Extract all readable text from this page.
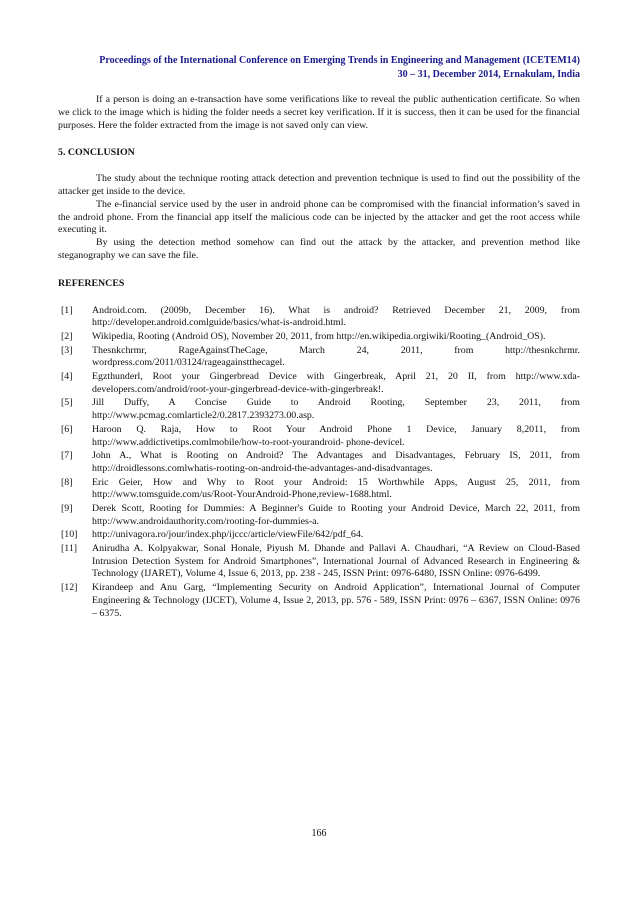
Proceedings of the International Conference on Emerging Trends in Engineering and Management (ICETEM14)
30 – 31, December 2014, Ernakulam, India

If a person is doing an e-transaction have some verifications like to reveal the public authentication certificate. So when we click to the image which is hiding the folder needs a secret key verification. If it is success, then it can be used for the financial purposes. Here the folder extracted from the image is not saved only can view.

5. CONCLUSION

The study about the technique rooting attack detection and prevention technique is used to find out the possibility of the attacker get inside to the device.

The e-financial service used by the user in android phone can be compromised with the financial information’s saved in the android phone. From the financial app itself the malicious code can be injected by the attacker and get the root access while executing it.

By using the detection method somehow can find out the attack by the attacker, and prevention method like steganography we can save the file.

REFERENCES
[1]	Android.com. (2009b, December 16). What is android? Retrieved December 21, 2009, from http://developer.android.comlguide/basics/what-is-android.html.
[2]	Wikipedia, Rooting (Android OS), November 20, 2011, from http://en.wikipedia.orgiwiki/Rooting_(Android_OS).
[3]	Thesnkchrmr, RageAgainstTheCage, March 24, 2011, from http://thesnkchrmr. wordpress.com/2011/03124/rageagainstthecagel.
[4]	Egzthunderl, Root your Gingerbread Device with Gingerbreak, April 21, 20 II, from http://www.xda-developers.com/android/root-your-gingerbread-device-with-gingerbreak!.
[5]	Jill Duffy, A Concise Guide to Android Rooting, September 23, 2011, from http://www.pcmag.comlarticle2/0.2817.2393273.00.asp.
[6]	Haroon Q. Raja, How to Root Your Android Phone 1 Device, January 8,2011, from http://www.addictivetips.comlmobile/how-to-root-yourandroid- phone-devicel.
[7]	John A., What is Rooting on Android? The Advantages and Disadvantages, February IS, 2011, from http://droidlessons.comlwhatis-rooting-on-android-the-advantages-and-disadvantages.
[8]	Eric Geier, How and Why to Root your Android: 15 Worthwhile Apps, August 25, 2011, from http://www.tomsguide.com/us/Root-YourAndroid-Phone,review-1688.html.
[9]	Derek Scott, Rooting for Dummies: A Beginner's Guide to Rooting your Android Device, March 22, 2011, from http://www.androidauthority.com/rooting-for-dummies-a.
[10]	http://univagora.ro/jour/index.php/ijccc/article/viewFile/642/pdf_64.
[11]	Anirudha A. Kolpyakwar, Sonal Honale, Piyush M. Dhande and Pallavi A. Chaudhari, “A Review on Cloud-Based Intrusion Detection System for Android Smartphones”, International Journal of Advanced Research in Engineering & Technology (IJARET), Volume 4, Issue 6, 2013, pp. 238 - 245, ISSN Print: 0976-6480, ISSN Online: 0976-6499.
[12]	Kirandeep and Anu Garg, “Implementing Security on Android Application”, International Journal of Computer Engineering & Technology (IJCET), Volume 4, Issue 2, 2013, pp. 576 - 589, ISSN Print: 0976 – 6367, ISSN Online: 0976 – 6375.
166
